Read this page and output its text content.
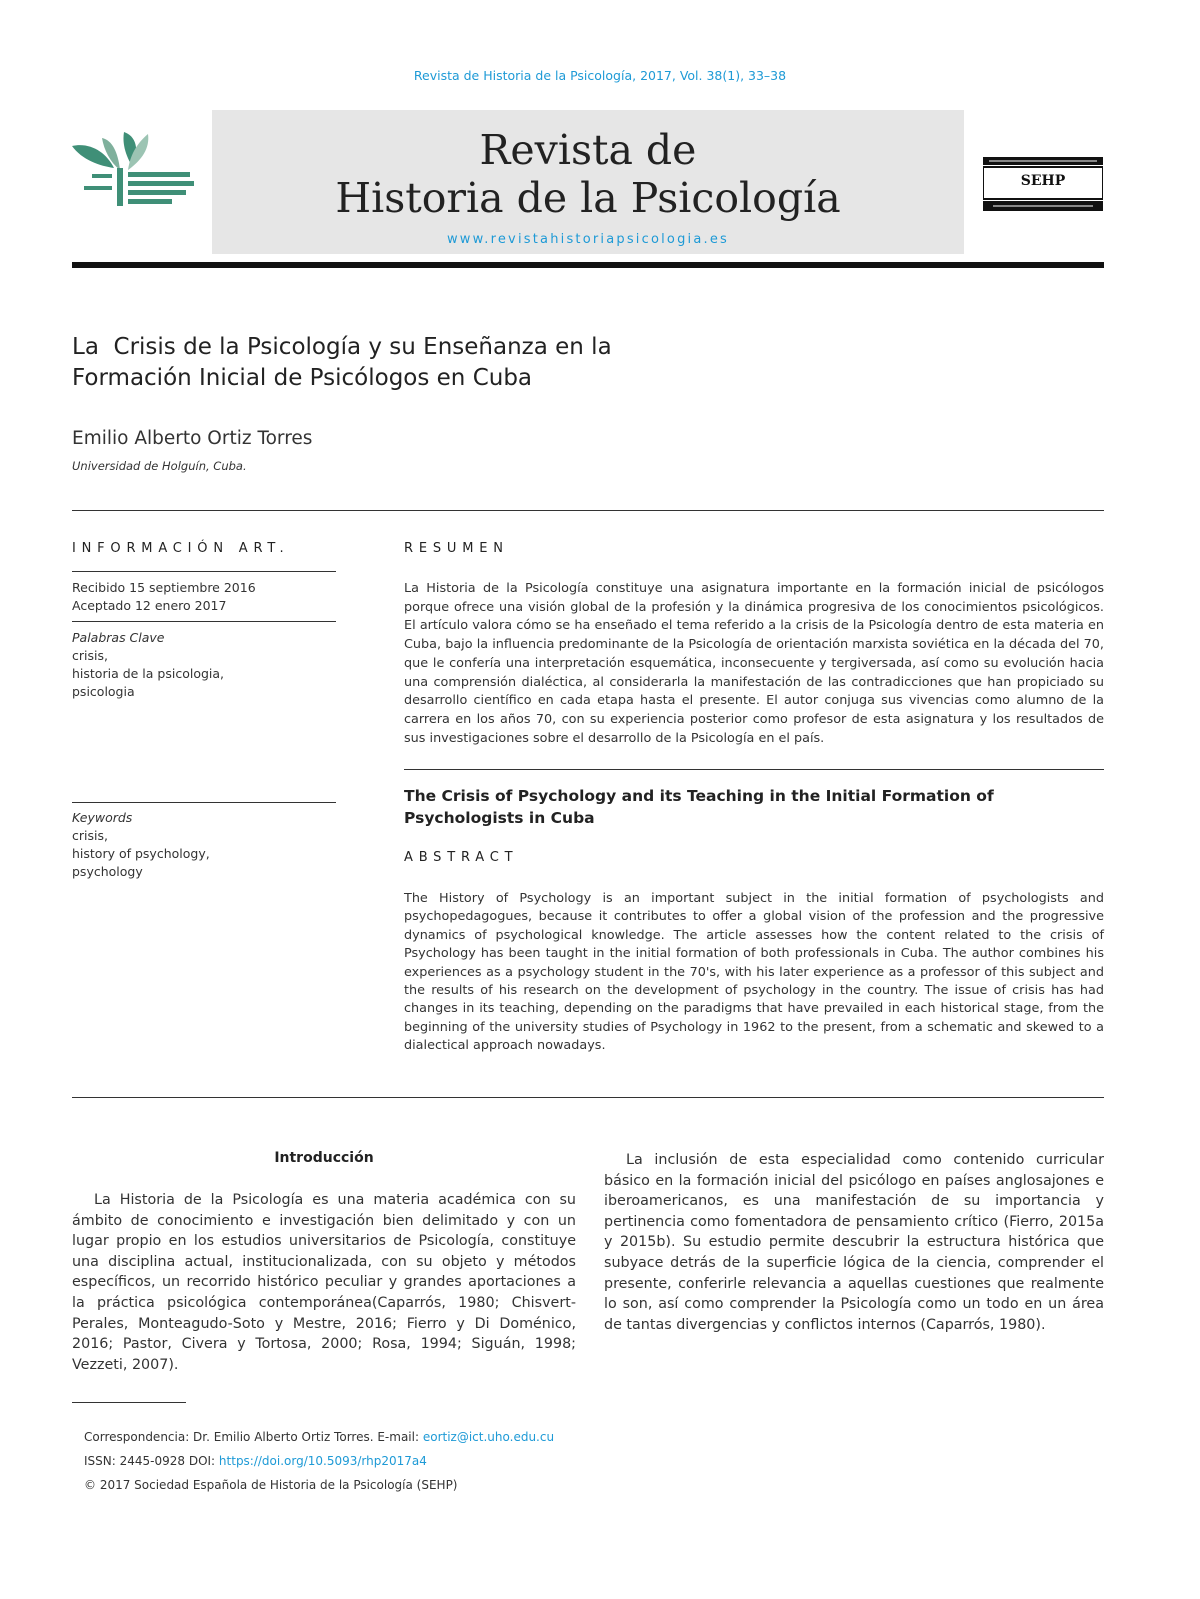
Revista de Historia de la Psicología, 2017, Vol. 38(1), 33–38
Revista de
Historia de la Psicología
www.revistahistoriapsicologia.es
SEHP
La  Crisis de la Psicología y su Enseñanza en la
Formación Inicial de Psicólogos en Cuba
Emilio Alberto Ortiz Torres
Universidad de Holguín, Cuba.
INFORMACIÓN ART.
Recibido 15 septiembre 2016
Aceptado 12 enero 2017
Palabras Clave
crisis,
historia de la psicologia,
psicologia
Keywords
crisis,
history of psychology,
psychology
RESUMEN
La Historia de la Psicología constituye una asignatura importante en la formación inicial de psicólogos porque ofrece una visión global de la profesión y la dinámica progresiva de los conocimientos psicológicos. El artículo valora cómo se ha enseñado el tema referido a la crisis de la Psicología dentro de esta materia en Cuba, bajo la influencia predominante de la Psicología de orientación marxista soviética en la década del 70, que le confería una interpretación esquemática, inconsecuente y tergiversada, así como su evolución hacia una comprensión dialéctica, al considerarla la manifestación de las contradicciones que han propiciado su desarrollo científico en cada etapa hasta el presente. El autor conjuga sus vivencias como alumno de la carrera en los años 70, con su experiencia posterior como profesor de esta asignatura y los resultados de sus investigaciones sobre el desarrollo de la Psicología en el país.
The Crisis of Psychology and its Teaching in the Initial Formation of Psychologists in Cuba
ABSTRACT
The History of Psychology is an important subject in the initial formation of psychologists and psychopedagogues, because it contributes to offer a global vision of the profession and the progressive dynamics of psychological knowledge. The article assesses how the content related to the crisis of Psychology has been taught in the initial formation of both professionals in Cuba. The author combines his experiences as a psychology student in the 70's, with his later experience as a professor of this subject and the results of his research on the development of psychology in the country. The issue of crisis has had changes in its teaching, depending on the paradigms that have prevailed in each historical stage, from the beginning of the university studies of Psychology in 1962 to the present, from a schematic and skewed to a dialectical approach nowadays.
Introducción
La Historia de la Psicología es una materia académica con su ámbito de conocimiento e investigación bien delimitado y con un lugar propio en los estudios universitarios de Psicología, constituye una disciplina actual, institucionalizada, con su objeto y métodos específicos, un recorrido histórico peculiar y grandes aportaciones a la práctica psicológica contemporánea(Caparrós, 1980; Chisvert-Perales, Monteagudo-Soto y Mestre, 2016; Fierro y Di Doménico, 2016; Pastor, Civera y Tortosa, 2000; Rosa, 1994; Siguán, 1998; Vezzeti, 2007).
La inclusión de esta especialidad como contenido curricular básico en la formación inicial del psicólogo en países anglosajones e iberoamericanos, es una manifestación de su importancia y pertinencia como fomentadora de pensamiento crítico (Fierro, 2015a y 2015b). Su estudio permite descubrir la estructura histórica que subyace detrás de la superficie lógica de la ciencia, comprender el presente, conferirle relevancia a aquellas cuestiones que realmente lo son, así como comprender la Psicología como un todo en un área de tantas divergencias y conflictos internos (Caparrós, 1980).
Correspondencia: Dr. Emilio Alberto Ortiz Torres. E-mail: eortiz@ict.uho.edu.cu
ISSN: 2445-0928 DOI: https://doi.org/10.5093/rhp2017a4
© 2017 Sociedad Española de Historia de la Psicología (SEHP)
